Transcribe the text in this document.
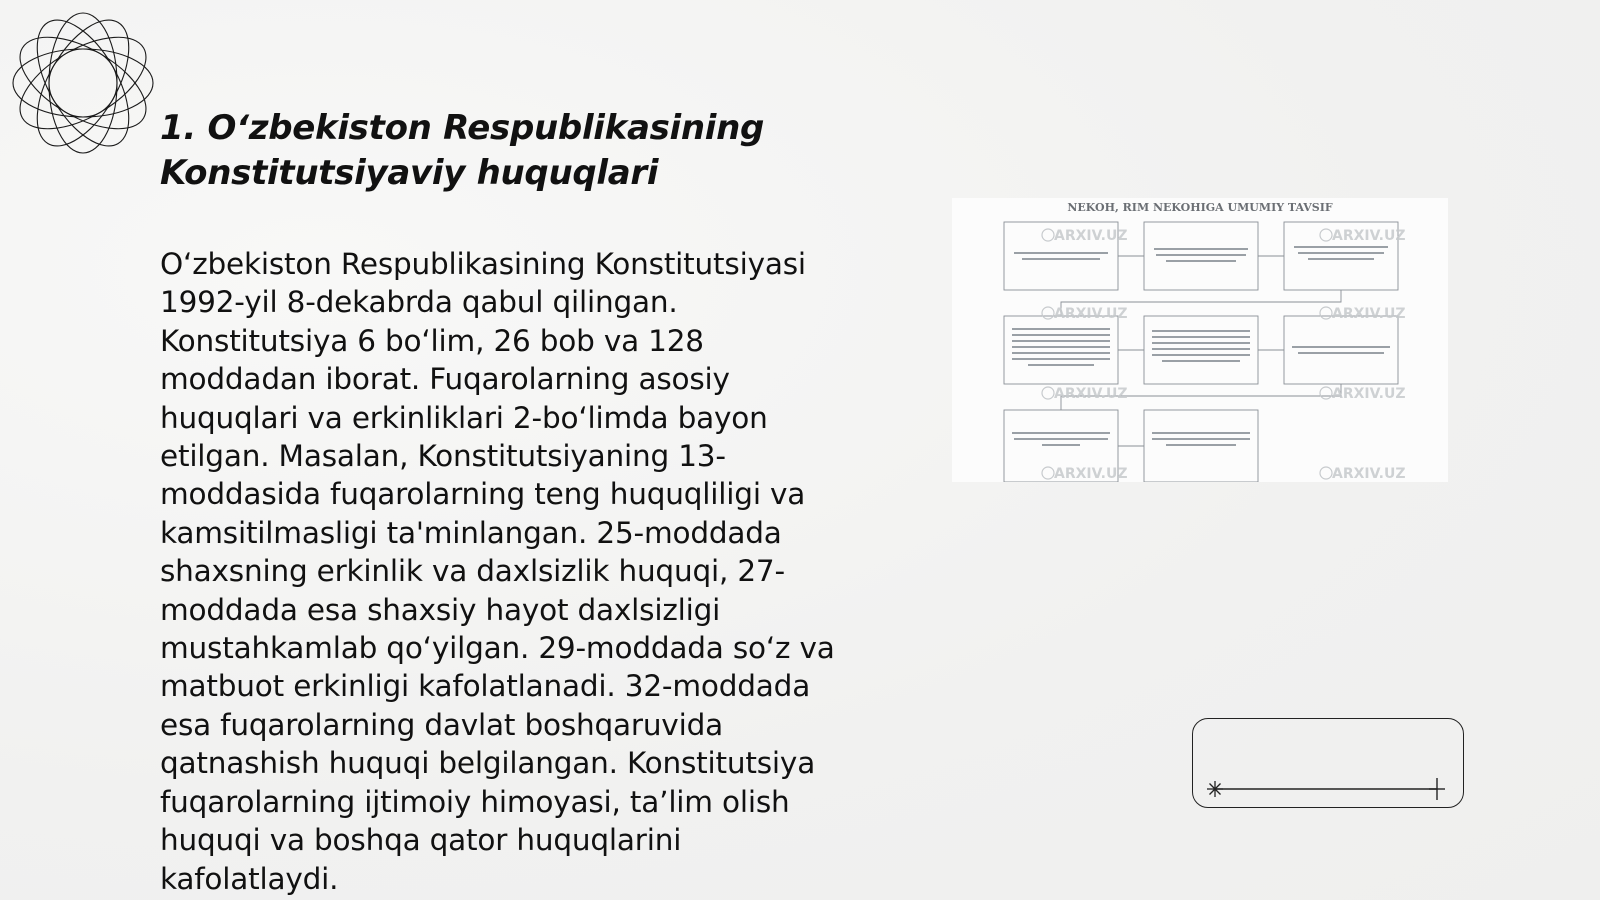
1. O‘zbekiston Respublikasining
Konstitutsiyaviy huquqlari

O‘zbekiston Respublikasining Konstitutsiyasi 1992-yil 8-dekabrda qabul qilingan. Konstitutsiya 6 bo‘lim, 26 bob va 128 moddadan iborat. Fuqarolarning asosiy huquqlari va erkinliklari 2-bo‘limda bayon etilgan. Masalan, Konstitutsiyaning 13-moddasida fuqarolarning teng huquqliligi va kamsitilmasligi ta'minlangan. 25-moddada shaxsning erkinlik va daxlsizlik huquqi, 27-moddada esa shaxsiy hayot daxlsizligi mustahkamlab qo‘yilgan. 29-moddada so‘z va matbuot erkinligi kafolatlanadi. 32-moddada esa fuqarolarning davlat boshqaruvida qatnashish huquqi belgilangan. Konstitutsiya fuqarolarning ijtimoiy himoyasi, ta’lim olish huquqi va boshqa qator huquqlarini kafolatlaydi.

NEKOH, RIM NEKOHIGA UMUMIY TAVSIF
ARXIV.UZ	ARXIV.UZ
ARXIV.UZ	ARXIV.UZ
ARXIV.UZ	ARXIV.UZ
ARXIV.UZ	ARXIV.UZ
